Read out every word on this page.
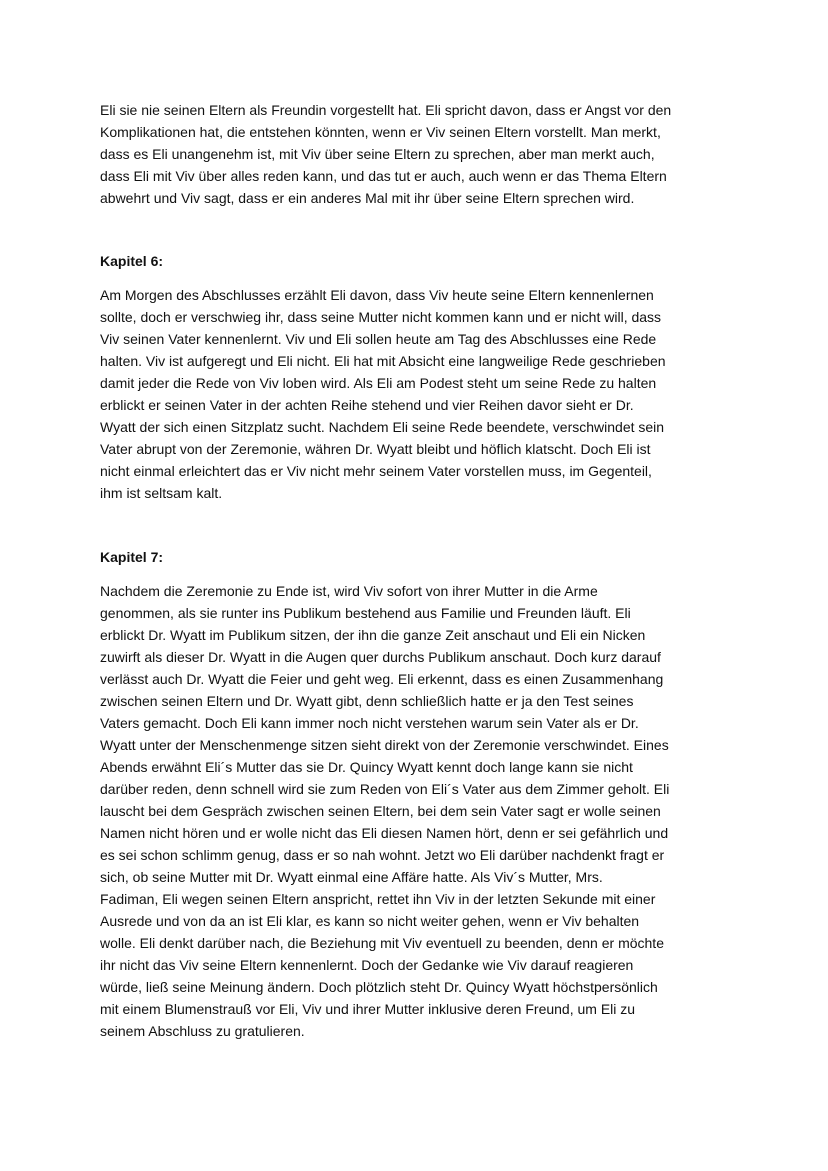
Eli sie nie seinen Eltern als Freundin vorgestellt hat. Eli spricht davon, dass er Angst vor den
Komplikationen hat, die entstehen könnten, wenn er Viv seinen Eltern vorstellt. Man merkt,
dass es Eli unangenehm ist, mit Viv über seine Eltern zu sprechen, aber man merkt auch,
dass Eli mit Viv über alles reden kann, und das tut er auch, auch wenn er das Thema Eltern
abwehrt und Viv sagt, dass er ein anderes Mal mit ihr über seine Eltern sprechen wird.
Kapitel 6:
Am Morgen des Abschlusses erzählt Eli davon, dass Viv heute seine Eltern kennenlernen
sollte, doch er verschwieg ihr, dass seine Mutter nicht kommen kann und er nicht will, dass
Viv seinen Vater kennenlernt. Viv und Eli sollen heute am Tag des Abschlusses eine Rede
halten. Viv ist aufgeregt und Eli nicht. Eli hat mit Absicht eine langweilige Rede geschrieben
damit jeder die Rede von Viv loben wird. Als Eli am Podest steht um seine Rede zu halten
erblickt er seinen Vater in der achten Reihe stehend und vier Reihen davor sieht er Dr.
Wyatt der sich einen Sitzplatz sucht. Nachdem Eli seine Rede beendete, verschwindet sein
Vater abrupt von der Zeremonie, währen Dr. Wyatt bleibt und höflich klatscht. Doch Eli ist
nicht einmal erleichtert das er Viv nicht mehr seinem Vater vorstellen muss, im Gegenteil,
ihm ist seltsam kalt.
Kapitel 7:
Nachdem die Zeremonie zu Ende ist, wird Viv sofort von ihrer Mutter in die Arme
genommen, als sie runter ins Publikum bestehend aus Familie und Freunden läuft. Eli
erblickt Dr. Wyatt im Publikum sitzen, der ihn die ganze Zeit anschaut und Eli ein Nicken
zuwirft als dieser Dr. Wyatt in die Augen quer durchs Publikum anschaut. Doch kurz darauf
verlässt auch Dr. Wyatt die Feier und geht weg. Eli erkennt, dass es einen Zusammenhang
zwischen seinen Eltern und Dr. Wyatt gibt, denn schließlich hatte er ja den Test seines
Vaters gemacht. Doch Eli kann immer noch nicht verstehen warum sein Vater als er Dr.
Wyatt unter der Menschenmenge sitzen sieht direkt von der Zeremonie verschwindet. Eines
Abends erwähnt Eli´s Mutter das sie Dr. Quincy Wyatt kennt doch lange kann sie nicht
darüber reden, denn schnell wird sie zum Reden von Eli´s Vater aus dem Zimmer geholt. Eli
lauscht bei dem Gespräch zwischen seinen Eltern, bei dem sein Vater sagt er wolle seinen
Namen nicht hören und er wolle nicht das Eli diesen Namen hört, denn er sei gefährlich und
es sei schon schlimm genug, dass er so nah wohnt. Jetzt wo Eli darüber nachdenkt fragt er
sich, ob seine Mutter mit Dr. Wyatt einmal eine Affäre hatte. Als Viv´s Mutter, Mrs.
Fadiman, Eli wegen seinen Eltern anspricht, rettet ihn Viv in der letzten Sekunde mit einer
Ausrede und von da an ist Eli klar, es kann so nicht weiter gehen, wenn er Viv behalten
wolle. Eli denkt darüber nach, die Beziehung mit Viv eventuell zu beenden, denn er möchte
ihr nicht das Viv seine Eltern kennenlernt. Doch der Gedanke wie Viv darauf reagieren
würde, ließ seine Meinung ändern. Doch plötzlich steht Dr. Quincy Wyatt höchstpersönlich
mit einem Blumenstrauß vor Eli, Viv und ihrer Mutter inklusive deren Freund, um Eli zu
seinem Abschluss zu gratulieren.
